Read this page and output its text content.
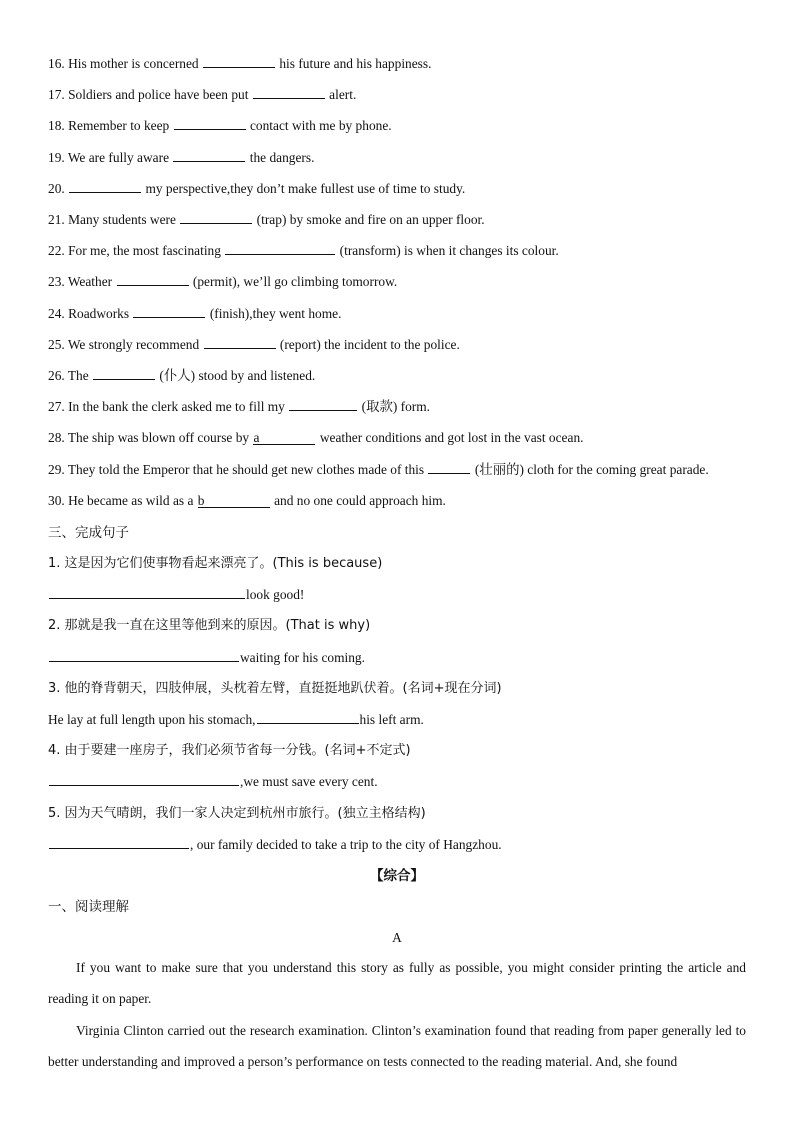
16. His mother is concerned	his future and his happiness.
17. Soldiers and police have been put	alert.
18. Remember to keep	contact with me by phone.
19. We are fully aware	the dangers.
20.	my perspective,they don’t make fullest use of time to study.
21. Many students were	(trap) by smoke and fire on an upper floor.
22. For me, the most fascinating	(transform) is when it changes its colour.
23. Weather	(permit), we’ll go climbing tomorrow.
24. Roadworks	(finish),they went home.
25. We strongly recommend	(report) the incident to the police.
26. The	(仆人) stood by and listened.
27. In the bank the clerk asked me to fill my	(取款) form.
28. The ship was blown off course by a	weather conditions and got lost in the vast ocean.
29. They told the Emperor that he should get new clothes made of this	(壮丽的) cloth for the coming great parade.
30. He became as wild as a b	and no one could approach him.
三、完成句子
1. 这是因为它们使事物看起来漂亮了。(This is because)
look good!
2. 那就是我一直在这里等他到来的原因。(That is why)
waiting for his coming.
3. 他的脊背朝天，四肢伸展，头枕着左臂，直挺挺地趴伏着。(名词+现在分词)
He lay at full length upon his stomach,	his left arm.
4. 由于要建一座房子，我们必须节省每一分钱。(名词+不定式)
,we must save every cent.
5. 因为天气晴朗，我们一家人决定到杭州市旅行。(独立主格结构)
, our family decided to take a trip to the city of Hangzhou.
【综合】
一、阅读理解
A
If you want to make sure that you understand this story as fully as possible, you might consider printing the article and reading it on paper.
Virginia Clinton carried out the research examination. Clinton’s examination found that reading from paper generally led to better understanding and improved a person’s performance on tests connected to the reading material. And, she found
